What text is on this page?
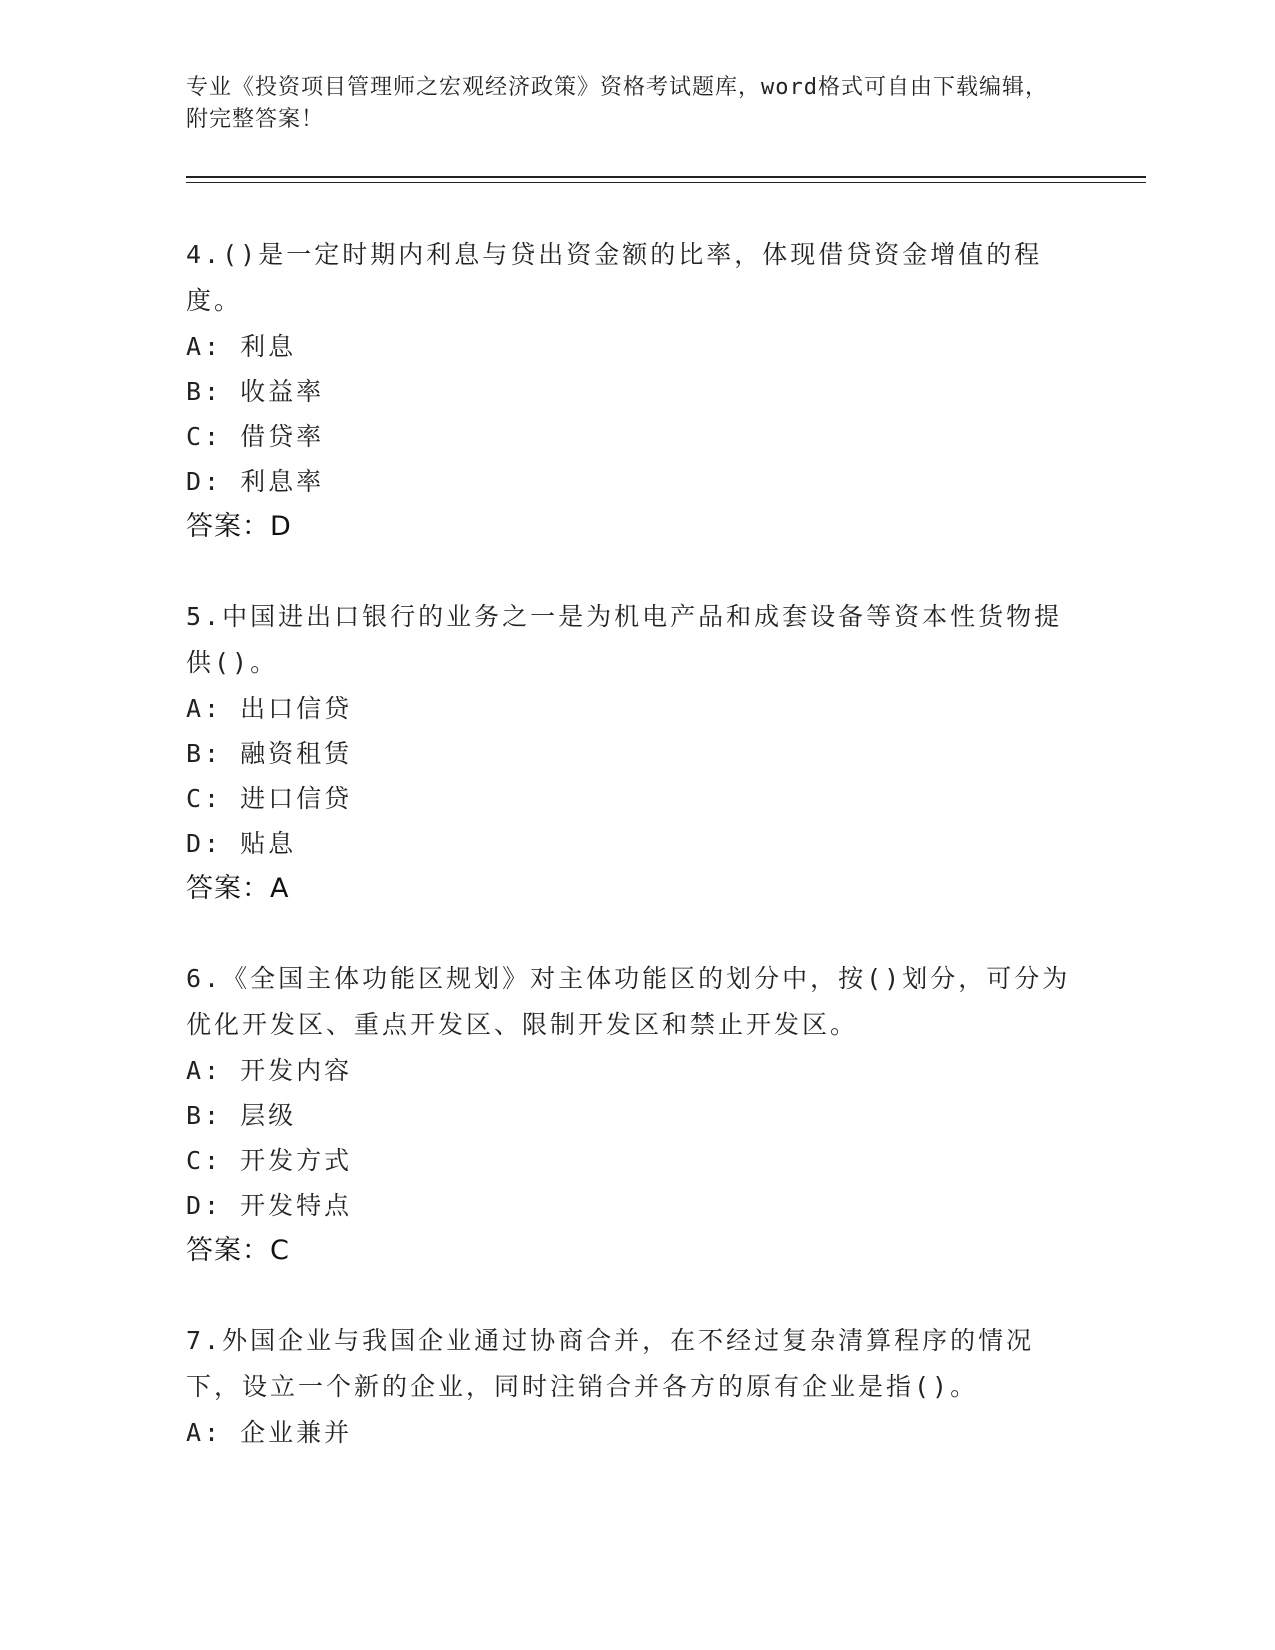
专业《投资项目管理师之宏观经济政策》资格考试题库，word格式可自由下载编辑，附完整答案！
4.()是一定时期内利息与贷出资金额的比率，体现借贷资金增值的程度。
A: 利息
B: 收益率
C: 借贷率
D: 利息率
答案：D
5.中国进出口银行的业务之一是为机电产品和成套设备等资本性货物提供()。
A: 出口信贷
B: 融资租赁
C: 进口信贷
D: 贴息
答案：A
6.《全国主体功能区规划》对主体功能区的划分中，按()划分，可分为优化开发区、重点开发区、限制开发区和禁止开发区。
A: 开发内容
B: 层级
C: 开发方式
D: 开发特点
答案：C
7.外国企业与我国企业通过协商合并，在不经过复杂清算程序的情况下，设立一个新的企业，同时注销合并各方的原有企业是指()。
A: 企业兼并
